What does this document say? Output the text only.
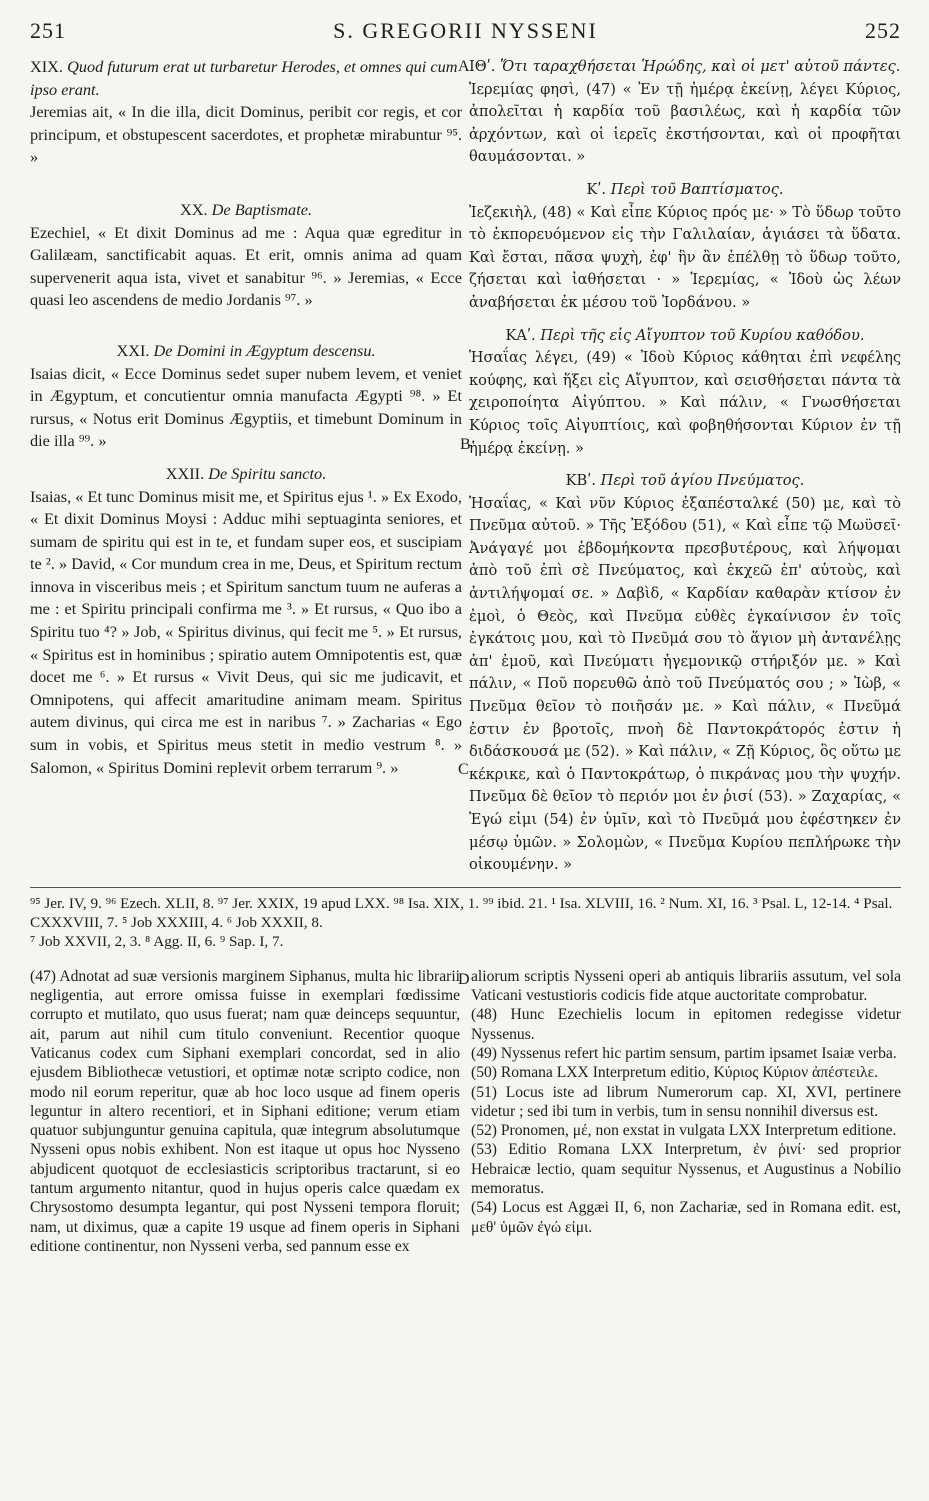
251	S. GREGORII NYSSENI	252
A
B
C

XIX. Quod futurum erat ut turbaretur Herodes, et omnes qui cum ipso erant.

Jeremias ait, « In die illa, dicit Dominus, peribit cor regis, et cor principum, et obstupescent sacerdotes, et prophetæ mirabuntur ⁹⁵. »

XX. De Baptismate.

Ezechiel, « Et dixit Dominus ad me : Aqua quæ egreditur in Galilæam, sanctificabit aquas. Et erit, omnis anima ad quam supervenerit aqua ista, vivet et sanabitur ⁹⁶. » Jeremias, « Ecce quasi leo ascendens de medio Jordanis ⁹⁷. »

XXI. De Domini in Ægyptum descensu.

Isaias dicit, « Ecce Dominus sedet super nubem levem, et veniet in Ægyptum, et concutientur omnia manufacta Ægypti ⁹⁸. » Et rursus, « Notus erit Dominus Ægyptiis, et timebunt Dominum in die illa ⁹⁹. »

XXII. De Spiritu sancto.

Isaias, « Et tunc Dominus misit me, et Spiritus ejus ¹. » Ex Exodo, « Et dixit Dominus Moysi : Adduc mihi septuaginta seniores, et sumam de spiritu qui est in te, et fundam super eos, et suscipiam te ². » David, « Cor mundum crea in me, Deus, et Spiritum rectum innova in visceribus meis ; et Spiritum sanctum tuum ne auferas a me : et Spiritu principali confirma me ³. » Et rursus, « Quo ibo a Spiritu tuo ⁴? » Job, « Spiritus divinus, qui fecit me ⁵. » Et rursus, « Spiritus est in hominibus ; spiratio autem Omnipotentis est, quæ docet me ⁶. » Et rursus « Vivit Deus, qui sic me judicavit, et Omnipotens, qui affecit amaritudine animam meam. Spiritus autem divinus, qui circa me est in naribus ⁷. » Zacharias « Ego sum in vobis, et Spiritus meus stetit in medio vestrum ⁸. » Salomon, « Spiritus Domini replevit orbem terrarum ⁹. »

ΙΘʹ. Ὅτι ταραχθήσεται Ἡρώδης, καὶ οἱ μετ' αὐτοῦ πάντες.

Ἱερεμίας φησὶ, (47) « Ἐν τῇ ἡμέρᾳ ἐκείνῃ, λέγει Κύριος, ἀπολεῖται ἡ καρδία τοῦ βασιλέως, καὶ ἡ καρδία τῶν ἀρχόντων, καὶ οἱ ἱερεῖς ἐκστήσονται, καὶ οἱ προφῆται θαυμάσονται. »

Κʹ. Περὶ τοῦ Βαπτίσματος.

Ἰεζεκιὴλ, (48) « Καὶ εἶπε Κύριος πρός με· » Τὸ ὕδωρ τοῦτο τὸ ἐκπορευόμενον εἰς τὴν Γαλιλαίαν, ἁγιάσει τὰ ὕδατα. Καὶ ἔσται, πᾶσα ψυχὴ, ἐφ' ἣν ἂν ἐπέλθῃ τὸ ὕδωρ τοῦτο, ζήσεται καὶ ἰαθήσεται · » Ἱερεμίας, « Ἰδοὺ ὡς λέων ἀναβήσεται ἐκ μέσου τοῦ Ἰορδάνου. »

ΚΑʹ. Περὶ τῆς εἰς Αἴγυπτον τοῦ Κυρίου καθόδου.

Ἡσαΐας λέγει, (49) « Ἰδοὺ Κύριος κάθηται ἐπὶ νεφέλης κούφης, καὶ ἥξει εἰς Αἴγυπτον, καὶ σεισθήσεται πάντα τὰ χειροποίητα Αἰγύπτου. » Καὶ πάλιν, « Γνωσθήσεται Κύριος τοῖς Αἰγυπτίοις, καὶ φοβηθήσονται Κύριον ἐν τῇ ἡμέρᾳ ἐκείνῃ. »

ΚΒʹ. Περὶ τοῦ ἁγίου Πνεύματος.

Ἡσαΐας, « Καὶ νῦν Κύριος ἐξαπέσταλκέ (50) με, καὶ τὸ Πνεῦμα αὐτοῦ. » Τῆς Ἐξόδου (51), « Καὶ εἶπε τῷ Μωϋσεῖ· Ἀνάγαγέ μοι ἑβδομήκοντα πρεσβυτέρους, καὶ λήψομαι ἀπὸ τοῦ ἐπὶ σὲ Πνεύματος, καὶ ἐκχεῶ ἐπ' αὐτοὺς, καὶ ἀντιλήψομαί σε. » Δαβὶδ, « Καρδίαν καθαρὰν κτίσον ἐν ἐμοὶ, ὁ Θεὸς, καὶ Πνεῦμα εὐθὲς ἐγκαίνισον ἐν τοῖς ἐγκάτοις μου, καὶ τὸ Πνεῦμά σου τὸ ἅγιον μὴ ἀντανέλῃς ἀπ' ἐμοῦ, καὶ Πνεύματι ἡγεμονικῷ στήριξόν με. » Καὶ πάλιν, « Ποῦ πορευθῶ ἀπὸ τοῦ Πνεύματός σου ; » Ἰὼβ, « Πνεῦμα θεῖον τὸ ποιῆσάν με. » Καὶ πάλιν, « Πνεῦμά ἐστιν ἐν βροτοῖς, πνοὴ δὲ Παντοκράτορός ἐστιν ἡ διδάσκουσά με (52). » Καὶ πάλιν, « Ζῇ Κύριος, ὃς οὕτω με κέκρικε, καὶ ὁ Παντοκράτωρ, ὁ πικράνας μου τὴν ψυχήν. Πνεῦμα δὲ θεῖον τὸ περιόν μοι ἐν ῥισί (53). » Ζαχαρίας, « Ἐγώ εἰμι (54) ἐν ὑμῖν, καὶ τὸ Πνεῦμά μου ἐφέστηκεν ἐν μέσῳ ὑμῶν. » Σολομὼν, « Πνεῦμα Κυρίου πεπλήρωκε τὴν οἰκουμένην. »

⁹⁵ Jer. IV, 9. ⁹⁶ Ezech. XLII, 8. ⁹⁷ Jer. XXIX, 19 apud LXX. ⁹⁸ Isa. XIX, 1. ⁹⁹ ibid. 21. ¹ Isa. XLVIII, 16. ² Num. XI, 16. ³ Psal. L, 12-14. ⁴ Psal. CXXXVIII, 7. ⁵ Job XXXIII, 4. ⁶ Job XXXII, 8.

⁷ Job XXVII, 2, 3. ⁸ Agg. II, 6. ⁹ Sap. I, 7.

D

(47) Adnotat ad suæ versionis marginem Siphanus, multa hic librarii negligentia, aut errore omissa fuisse in exemplari fœdissime corrupto et mutilato, quo usus fuerat; nam quæ deinceps sequuntur, ait, parum aut nihil cum titulo conveniunt. Recentior quoque Vaticanus codex cum Siphani exemplari concordat, sed in alio ejusdem Bibliothecæ vetustiori, et optimæ notæ scripto codice, non modo nil eorum reperitur, quæ ab hoc loco usque ad finem operis leguntur in altero recentiori, et in Siphani editione; verum etiam quatuor subjunguntur genuina capitula, quæ integrum absolutumque Nysseni opus nobis exhibent. Non est itaque ut opus hoc Nysseno abjudicent quotquot de ecclesiasticis scriptoribus tractarunt, si eo tantum argumento nitantur, quod in hujus operis calce quædam ex Chrysostomo desumpta legantur, qui post Nysseni tempora floruit; nam, ut diximus, quæ a capite 19 usque ad finem operis in Siphani editione continentur, non Nysseni verba, sed pannum esse ex

aliorum scriptis Nysseni operi ab antiquis librariis assutum, vel sola Vaticani vestustioris codicis fide atque auctoritate comprobatur.

(48) Hunc Ezechielis locum in epitomen redegisse videtur Nyssenus.

(49) Nyssenus refert hic partim sensum, partim ipsamet Isaiæ verba.

(50) Romana LXX Interpretum editio, Κύριος Κύριον ἀπέστειλε.

(51) Locus iste ad librum Numerorum cap. XI, XVI, pertinere videtur ; sed ibi tum in verbis, tum in sensu nonnihil diversus est.

(52) Pronomen, μέ, non exstat in vulgata LXX Interpretum editione.

(53) Editio Romana LXX Interpretum, ἐν ῥινί· sed proprior Hebraicæ lectio, quam sequitur Nyssenus, et Augustinus a Nobilio memoratus.

(54) Locus est Aggæi II, 6, non Zachariæ, sed in Romana edit. est, μεθ' ὑμῶν ἐγώ εἰμι.
